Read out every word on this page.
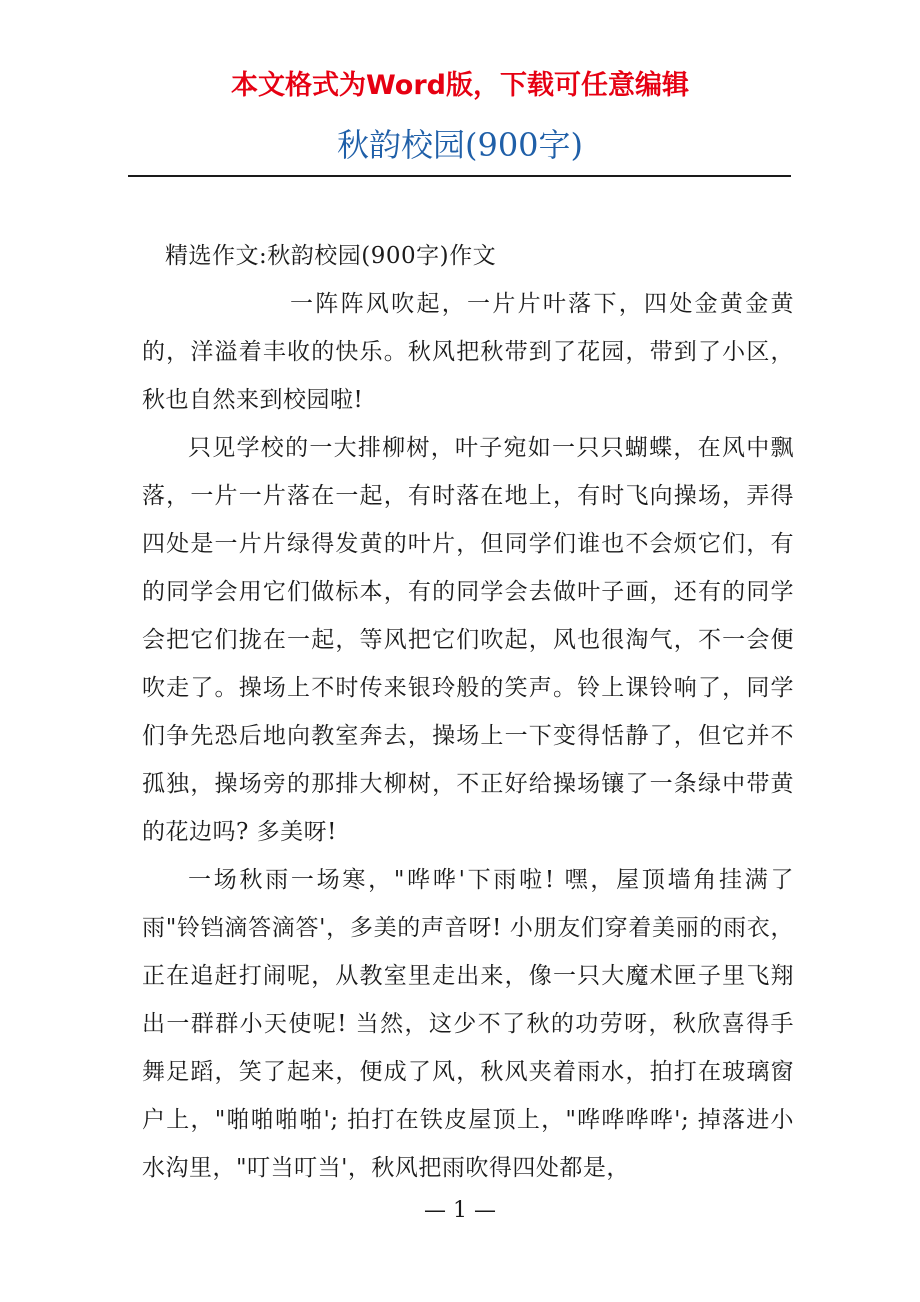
本文格式为Word版，下载可任意编辑
秋韵校园(900字)

精选作文:秋韵校园(900字)作文

一阵阵风吹起，一片片叶落下，四处金黄金黄的，洋溢着丰收的快乐。秋风把秋带到了花园，带到了小区，秋也自然来到校园啦!

只见学校的一大排柳树，叶子宛如一只只蝴蝶，在风中飘落，一片一片落在一起，有时落在地上，有时飞向操场，弄得四处是一片片绿得发黄的叶片，但同学们谁也不会烦它们，有的同学会用它们做标本，有的同学会去做叶子画，还有的同学会把它们拢在一起，等风把它们吹起，风也很淘气，不一会便吹走了。操场上不时传来银玲般的笑声。铃上课铃响了，同学们争先恐后地向教室奔去，操场上一下变得恬静了，但它并不孤独，操场旁的那排大柳树，不正好给操场镶了一条绿中带黄的花边吗? 多美呀!

一场秋雨一场寒，"哗哗'下雨啦! 嘿，屋顶墙角挂满了雨"铃铛滴答滴答'，多美的声音呀! 小朋友们穿着美丽的雨衣，正在追赶打闹呢，从教室里走出来，像一只大魔术匣子里飞翔出一群群小天使呢! 当然，这少不了秋的功劳呀，秋欣喜得手舞足蹈，笑了起来，便成了风，秋风夹着雨水，拍打在玻璃窗户上，"啪啪啪啪'; 拍打在铁皮屋顶上，"哗哗哗哗'; 掉落进小水沟里，"叮当叮当'，秋风把雨吹得四处都是，

— 1 —
